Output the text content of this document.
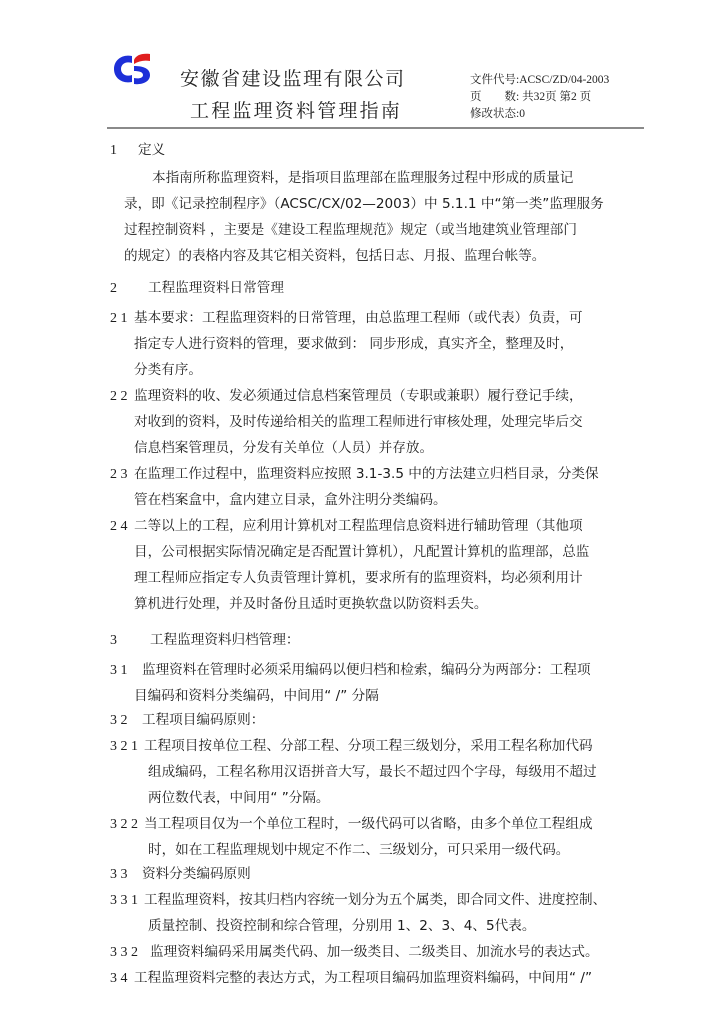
安徽省建设监理有限公司
工程监理资料管理指南
文件代号:ACSC/ZD/04-2003
页　　数: 共32页 第2 页
修改状态:0
1 定义
本指南所称监理资料，是指项目监理部在监理服务过程中形成的质量记
录，即《记录控制程序》（ACSC/CX/02—2003）中 5.1.1 中“第一类”监理服务
过程控制资料 ，主要是《建设工程监理规范》规定（或当地建筑业管理部门
的规定）的表格内容及其它相关资料，包括日志、月报、监理台帐等。
2 工程监理资料日常管理
2 1 基本要求：工程监理资料的日常管理，由总监理工程师（或代表）负责，可
指定专人进行资料的管理，要求做到： 同步形成，真实齐全，整理及时，
分类有序。
2 2 监理资料的收、发必须通过信息档案管理员（专职或兼职）履行登记手续，
对收到的资料，及时传递给相关的监理工程师进行审核处理，处理完毕后交
信息档案管理员，分发有关单位（人员）并存放。
2 3 在监理工作过程中，监理资料应按照 3.1-3.5 中的方法建立归档目录，分类保
管在档案盒中，盒内建立目录，盒外注明分类编码。
2 4 二等以上的工程，应利用计算机对工程监理信息资料进行辅助管理（其他项
目，公司根据实际情况确定是否配置计算机），凡配置计算机的监理部，总监
理工程师应指定专人负责管理计算机，要求所有的监理资料，均必须利用计
算机进行处理，并及时备份且适时更换软盘以防资料丢失。
3 工程监理资料归档管理：
3 1 监理资料在管理时必须采用编码以便归档和检索，编码分为两部分：工程项
目编码和资料分类编码，中间用“ /” 分隔
3 2 工程项目编码原则：
3 2 1 工程项目按单位工程、分部工程、分项工程三级划分，采用工程名称加代码
组成编码，工程名称用汉语拼音大写，最长不超过四个字母，每级用不超过
两位数代表，中间用“ ”分隔。
3 2 2 当工程项目仅为一个单位工程时，一级代码可以省略，由多个单位工程组成
时，如在工程监理规划中规定不作二、三级划分，可只采用一级代码。
3 3 资料分类编码原则
3 3 1 工程监理资料，按其归档内容统一划分为五个属类，即合同文件、进度控制、
质量控制、投资控制和综合管理，分别用 1、2、3、4、5代表。
3 3 2 监理资料编码采用属类代码、加一级类目、二级类目、加流水号的表达式。
3 4 工程监理资料完整的表达方式，为工程项目编码加监理资料编码，中间用“ /”
